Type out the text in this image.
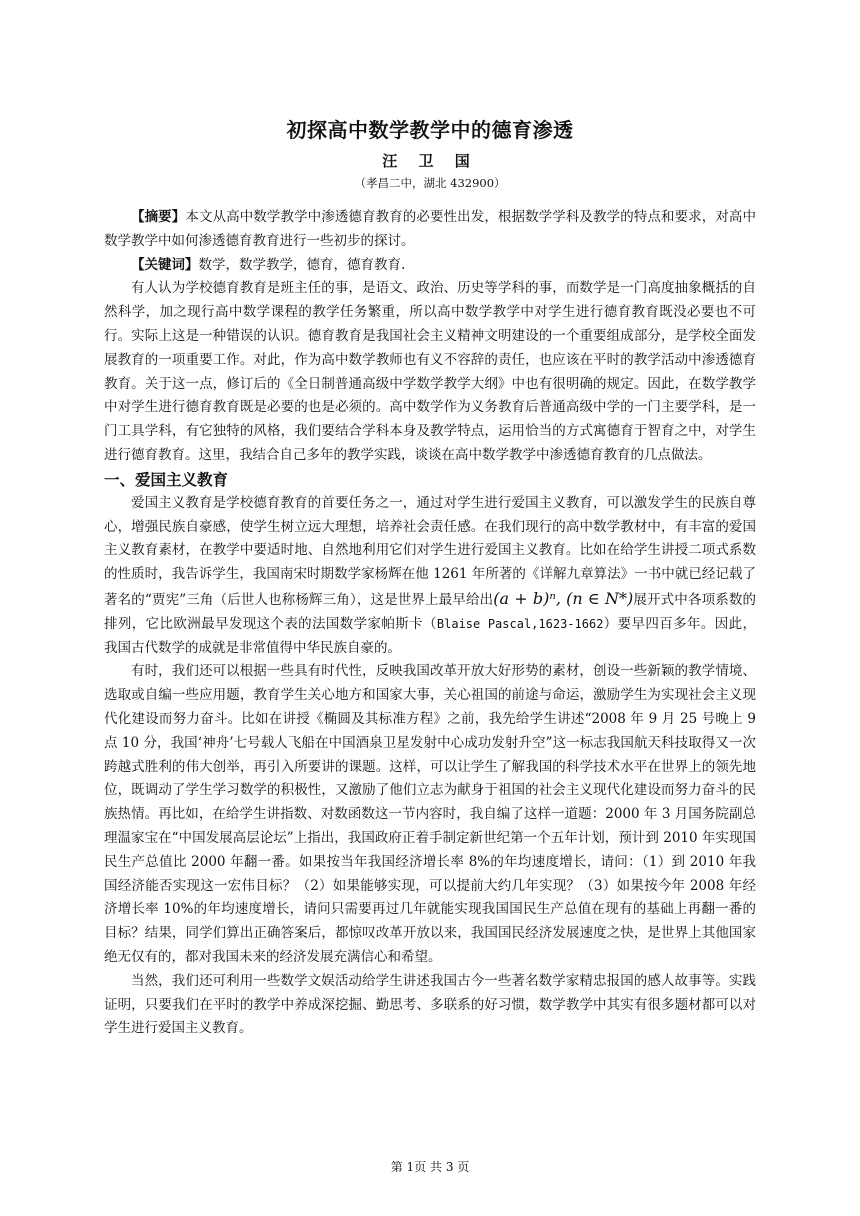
初探高中数学教学中的德育渗透
汪 卫 国
（孝昌二中，湖北 432900）

【摘要】本文从高中数学教学中渗透德育教育的必要性出发，根据数学学科及教学的特点和要求，对高中数学教学中如何渗透德育教育进行一些初步的探讨。

【关键词】数学，数学教学，德育，德育教育.

有人认为学校德育教育是班主任的事，是语文、政治、历史等学科的事，而数学是一门高度抽象概括的自然科学，加之现行高中数学课程的教学任务繁重，所以高中数学教学中对学生进行德育教育既没必要也不可行。实际上这是一种错误的认识。德育教育是我国社会主义精神文明建设的一个重要组成部分，是学校全面发展教育的一项重要工作。对此，作为高中数学教师也有义不容辞的责任，也应该在平时的教学活动中渗透德育教育。关于这一点，修订后的《全日制普通高级中学数学教学大纲》中也有很明确的规定。因此，在数学教学中对学生进行德育教育既是必要的也是必须的。高中数学作为义务教育后普通高级中学的一门主要学科，是一门工具学科，有它独特的风格，我们要结合学科本身及教学特点，运用恰当的方式寓德育于智育之中，对学生进行德育教育。这里，我结合自己多年的教学实践，谈谈在高中数学教学中渗透德育教育的几点做法。

一、爱国主义教育

爱国主义教育是学校德育教育的首要任务之一，通过对学生进行爱国主义教育，可以激发学生的民族自尊心，增强民族自豪感，使学生树立远大理想，培养社会责任感。在我们现行的高中数学教材中，有丰富的爱国主义教育素材，在教学中要适时地、自然地利用它们对学生进行爱国主义教育。比如在给学生讲授二项式系数的性质时，我告诉学生，我国南宋时期数学家杨辉在他 1261 年所著的《详解九章算法》一书中就已经记载了著名的“贾宪”三角（后世人也称杨辉三角），这是世界上最早给出(a + b)ⁿ, (n ∈ N*)展开式中各项系数的排列，它比欧洲最早发现这个表的法国数学家帕斯卡（Blaise Pascal,1623-1662）要早四百多年。因此，我国古代数学的成就是非常值得中华民族自豪的。

有时，我们还可以根据一些具有时代性，反映我国改革开放大好形势的素材，创设一些新颖的教学情境、选取或自编一些应用题，教育学生关心地方和国家大事，关心祖国的前途与命运，激励学生为实现社会主义现代化建设而努力奋斗。比如在讲授《椭圆及其标准方程》之前，我先给学生讲述“2008 年 9 月 25 号晚上 9 点 10 分，我国‘神舟’七号载人飞船在中国酒泉卫星发射中心成功发射升空”这一标志我国航天科技取得又一次跨越式胜利的伟大创举，再引入所要讲的课题。这样，可以让学生了解我国的科学技术水平在世界上的领先地位，既调动了学生学习数学的积极性，又激励了他们立志为献身于祖国的社会主义现代化建设而努力奋斗的民族热情。再比如，在给学生讲指数、对数函数这一节内容时，我自编了这样一道题：2000 年 3 月国务院副总理温家宝在“中国发展高层论坛”上指出，我国政府正着手制定新世纪第一个五年计划，预计到 2010 年实现国民生产总值比 2000 年翻一番。如果按当年我国经济增长率 8%的年均速度增长，请问：（1）到 2010 年我国经济能否实现这一宏伟目标？（2）如果能够实现，可以提前大约几年实现？（3）如果按今年 2008 年经济增长率 10%的年均速度增长，请问只需要再过几年就能实现我国国民生产总值在现有的基础上再翻一番的目标？结果，同学们算出正确答案后，都惊叹改革开放以来，我国国民经济发展速度之快，是世界上其他国家绝无仅有的，都对我国未来的经济发展充满信心和希望。

当然，我们还可利用一些数学文娱活动给学生讲述我国古今一些著名数学家精忠报国的感人故事等。实践证明，只要我们在平时的教学中养成深挖掘、勤思考、多联系的好习惯，数学教学中其实有很多题材都可以对学生进行爱国主义教育。

第 1页 共 3 页
